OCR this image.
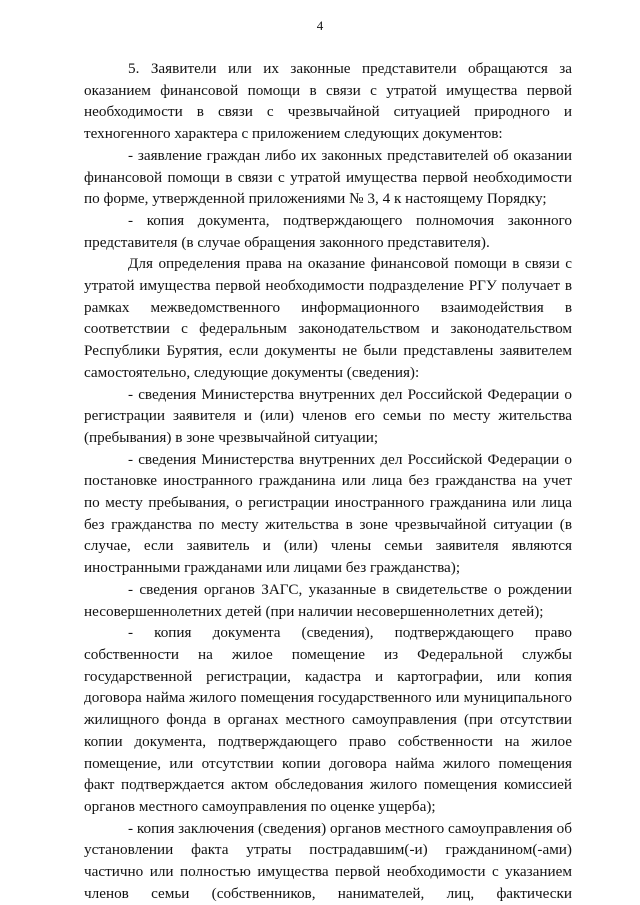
4

5. Заявители или их законные представители обращаются за оказанием финансовой помощи в связи с утратой имущества первой необходимости в связи с чрезвычайной ситуацией природного и техногенного характера с приложением следующих документов:

- заявление граждан либо их законных представителей об оказании финансовой помощи в связи с утратой имущества первой необходимости по форме, утвержденной приложениями № 3, 4 к настоящему Порядку;

- копия документа, подтверждающего полномочия законного представителя (в случае обращения законного представителя).

Для определения права на оказание финансовой помощи в связи с утратой имущества первой необходимости подразделение РГУ получает в рамках межведомственного информационного взаимодействия в соответствии с федеральным законодательством и законодательством Республики Бурятия, если документы не были представлены заявителем самостоятельно, следующие документы (сведения):

- сведения Министерства внутренних дел Российской Федерации о регистрации заявителя и (или) членов его семьи по месту жительства (пребывания) в зоне чрезвычайной ситуации;

- сведения Министерства внутренних дел Российской Федерации о постановке иностранного гражданина или лица без гражданства на учет по месту пребывания, о регистрации иностранного гражданина или лица без гражданства по месту жительства в зоне чрезвычайной ситуации (в случае, если заявитель и (или) члены семьи заявителя являются иностранными гражданами или лицами без гражданства);

- сведения органов ЗАГС, указанные в свидетельстве о рождении несовершеннолетних детей (при наличии несовершеннолетних детей);

- копия документа (сведения), подтверждающего право собственности на жилое помещение из Федеральной службы государственной регистрации, кадастра и картографии, или копия договора найма жилого помещения государственного или муниципального жилищного фонда в органах местного самоуправления (при отсутствии копии документа, подтверждающего право собственности на жилое помещение, или отсутствии копии договора найма жилого помещения факт подтверждается актом обследования жилого помещения комиссией органов местного самоуправления по оценке ущерба);

- копия заключения (сведения) органов местного самоуправления об установлении факта утраты пострадавшим(-и) гражданином(-ами) частично или полностью имущества первой необходимости с указанием членов семьи (собственников, нанимателей, лиц, фактически
